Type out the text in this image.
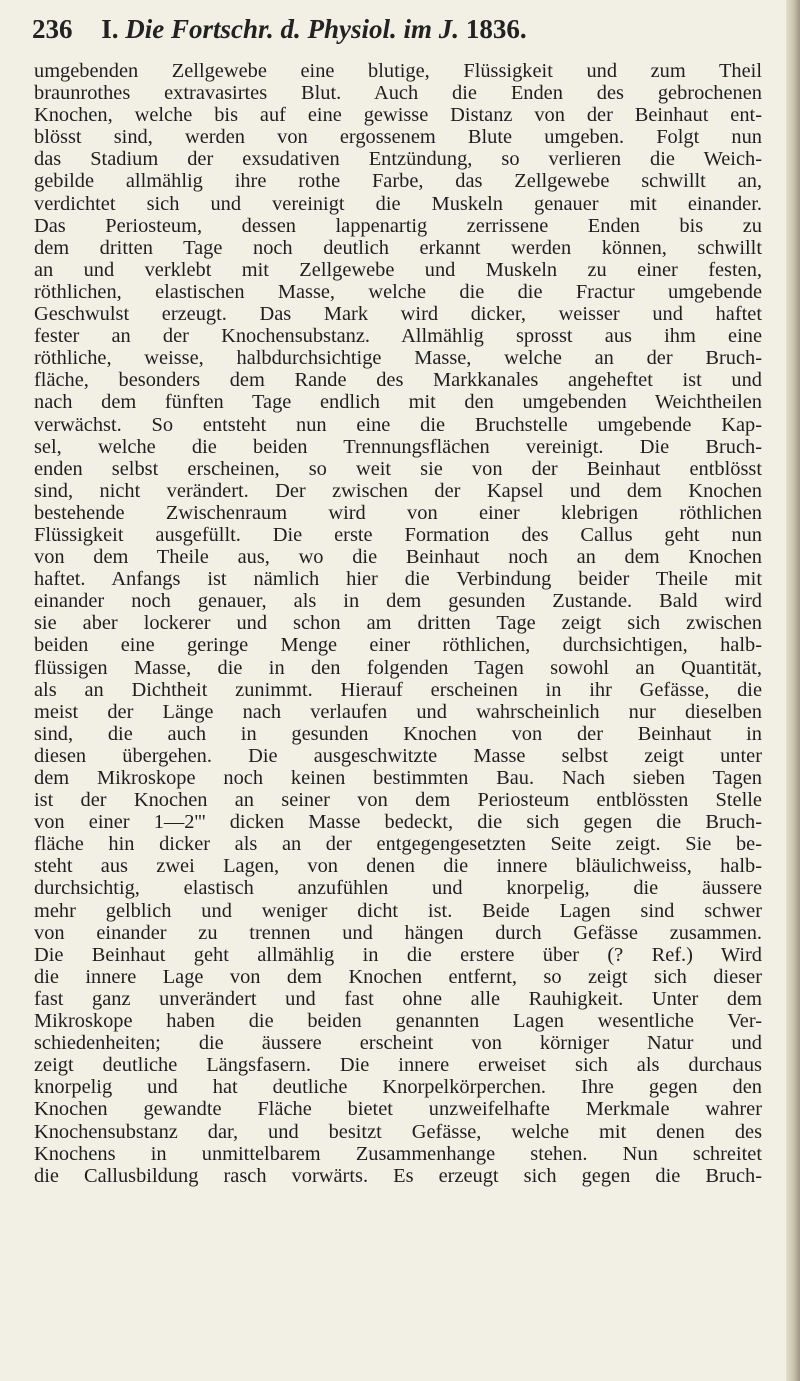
236 I. Die Fortschr. d. Physiol. im J. 1836.
umgebenden Zellgewebe eine blutige, Flüssigkeit und zum Theil
braunrothes extravasirtes Blut. Auch die Enden des gebrochenen
Knochen, welche bis auf eine gewisse Distanz von der Beinhaut ent-
blösst sind, werden von ergossenem Blute umgeben. Folgt nun
das Stadium der exsudativen Entzündung, so verlieren die Weich-
gebilde allmählig ihre rothe Farbe, das Zellgewebe schwillt an,
verdichtet sich und vereinigt die Muskeln genauer mit einander.
Das Periosteum, dessen lappenartig zerrissene Enden bis zu
dem dritten Tage noch deutlich erkannt werden können, schwillt
an und verklebt mit Zellgewebe und Muskeln zu einer festen,
röthlichen, elastischen Masse, welche die die Fractur umgebende
Geschwulst erzeugt. Das Mark wird dicker, weisser und haftet
fester an der Knochensubstanz. Allmählig sprosst aus ihm eine
röthliche, weisse, halbdurchsichtige Masse, welche an der Bruch-
fläche, besonders dem Rande des Markkanales angeheftet ist und
nach dem fünften Tage endlich mit den umgebenden Weichtheilen
verwächst. So entsteht nun eine die Bruchstelle umgebende Kap-
sel, welche die beiden Trennungsflächen vereinigt. Die Bruch-
enden selbst erscheinen, so weit sie von der Beinhaut entblösst
sind, nicht verändert. Der zwischen der Kapsel und dem Knochen
bestehende Zwischenraum wird von einer klebrigen röthlichen
Flüssigkeit ausgefüllt. Die erste Formation des Callus geht nun
von dem Theile aus, wo die Beinhaut noch an dem Knochen
haftet. Anfangs ist nämlich hier die Verbindung beider Theile mit
einander noch genauer, als in dem gesunden Zustande. Bald wird
sie aber lockerer und schon am dritten Tage zeigt sich zwischen
beiden eine geringe Menge einer röthlichen, durchsichtigen, halb-
flüssigen Masse, die in den folgenden Tagen sowohl an Quantität,
als an Dichtheit zunimmt. Hierauf erscheinen in ihr Gefässe, die
meist der Länge nach verlaufen und wahrscheinlich nur dieselben
sind, die auch in gesunden Knochen von der Beinhaut in
diesen übergehen. Die ausgeschwitzte Masse selbst zeigt unter
dem Mikroskope noch keinen bestimmten Bau. Nach sieben Tagen
ist der Knochen an seiner von dem Periosteum entblössten Stelle
von einer 1—2''' dicken Masse bedeckt, die sich gegen die Bruch-
fläche hin dicker als an der entgegengesetzten Seite zeigt. Sie be-
steht aus zwei Lagen, von denen die innere bläulichweiss, halb-
durchsichtig, elastisch anzufühlen und knorpelig, die äussere
mehr gelblich und weniger dicht ist. Beide Lagen sind schwer
von einander zu trennen und hängen durch Gefässe zusammen.
Die Beinhaut geht allmählig in die erstere über (? Ref.) Wird
die innere Lage von dem Knochen entfernt, so zeigt sich dieser
fast ganz unverändert und fast ohne alle Rauhigkeit. Unter dem
Mikroskope haben die beiden genannten Lagen wesentliche Ver-
schiedenheiten; die äussere erscheint von körniger Natur und
zeigt deutliche Längsfasern. Die innere erweiset sich als durchaus
knorpelig und hat deutliche Knorpelkörperchen. Ihre gegen den
Knochen gewandte Fläche bietet unzweifelhafte Merkmale wahrer
Knochensubstanz dar, und besitzt Gefässe, welche mit denen des
Knochens in unmittelbarem Zusammenhange stehen. Nun schreitet
die Callusbildung rasch vorwärts. Es erzeugt sich gegen die Bruch-
